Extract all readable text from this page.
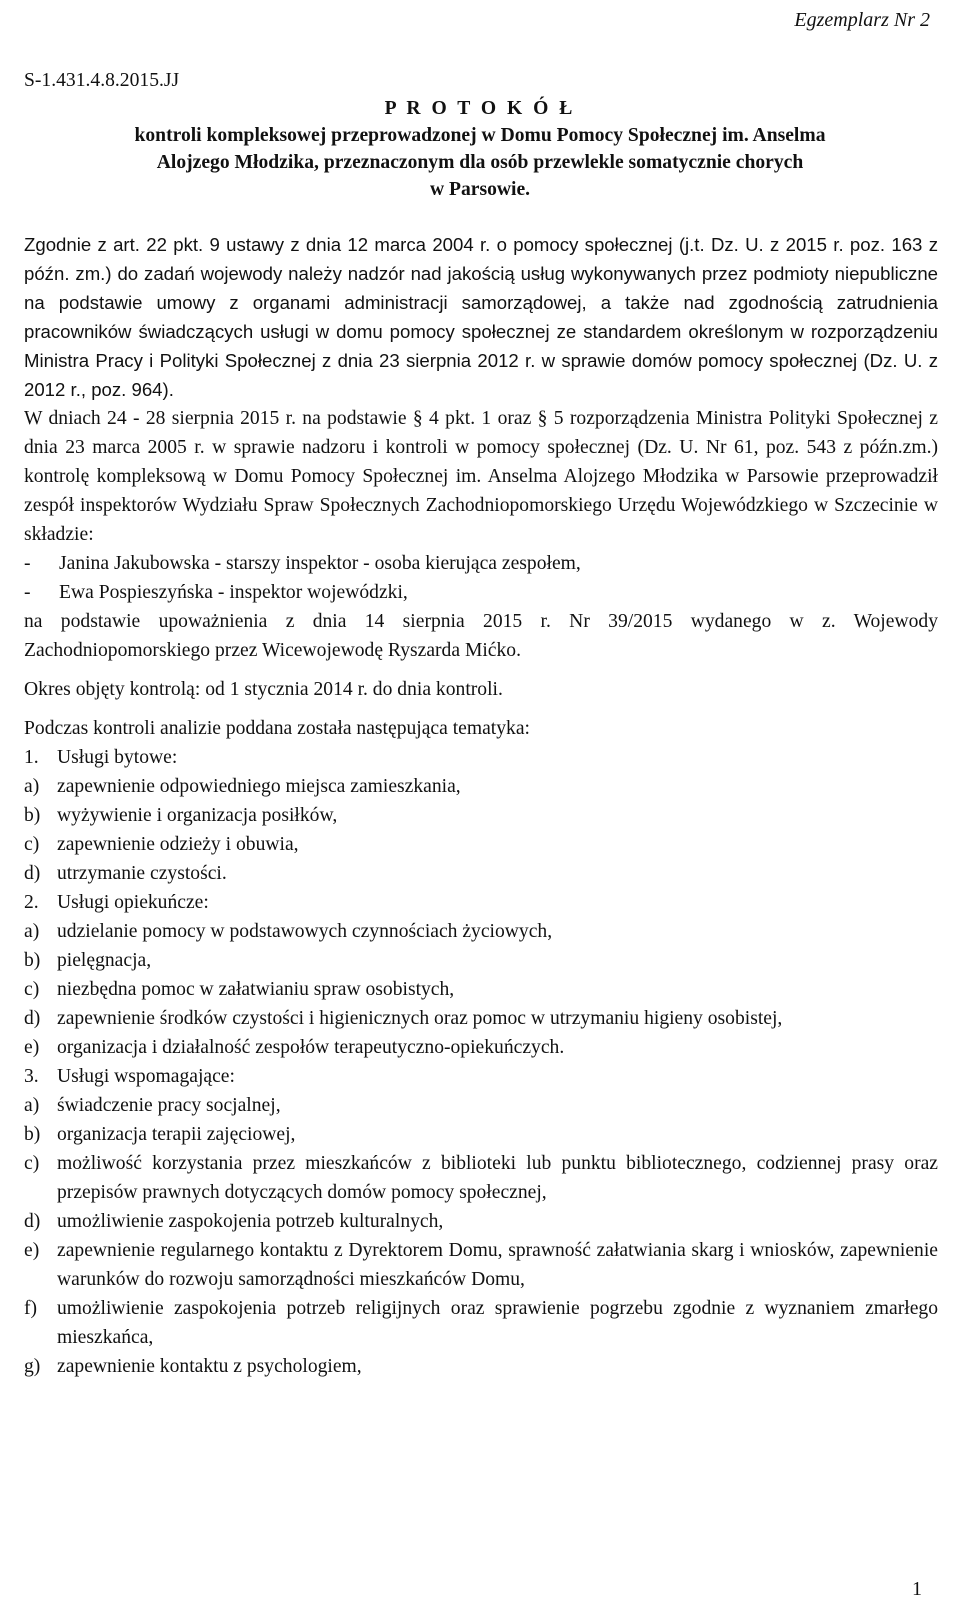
Egzemplarz Nr 2
S-1.431.4.8.2015.JJ
P R O T O K Ó Ł
kontroli kompleksowej przeprowadzonej w Domu Pomocy Społecznej im. Anselma
Alojzego Młodzika, przeznaczonym dla osób przewlekle somatycznie chorych
w Parsowie.

Zgodnie z art. 22 pkt. 9 ustawy z dnia 12 marca 2004 r. o pomocy społecznej (j.t. Dz. U. z 2015 r. poz. 163 z późn. zm.) do zadań wojewody należy nadzór nad jakością usług wykonywanych przez podmioty niepubliczne na podstawie umowy z organami administracji samorządowej, a także nad zgodnością zatrudnienia pracowników świadczących usługi w domu pomocy społecznej ze standardem określonym w rozporządzeniu Ministra Pracy i Polityki Społecznej z dnia 23 sierpnia 2012 r. w sprawie domów pomocy społecznej (Dz. U. z 2012 r., poz. 964).

W dniach 24 - 28 sierpnia 2015 r. na podstawie § 4 pkt. 1 oraz § 5 rozporządzenia Ministra Polityki Społecznej z dnia 23 marca 2005 r. w sprawie nadzoru i kontroli w pomocy społecznej (Dz. U. Nr 61, poz. 543 z późn.zm.) kontrolę kompleksową w Domu Pomocy Społecznej im. Anselma Alojzego Młodzika w Parsowie przeprowadził zespół inspektorów Wydziału Spraw Społecznych Zachodniopomorskiego Urzędu Wojewódzkiego w Szczecinie w składzie:

-	Janina Jakubowska - starszy inspektor - osoba kierująca zespołem,
-	Ewa Pospieszyńska - inspektor wojewódzki,

na podstawie upoważnienia z dnia 14 sierpnia 2015 r. Nr 39/2015 wydanego w z. Wojewody Zachodniopomorskiego przez Wicewojewodę Ryszarda Mićko.

Okres objęty kontrolą: od 1 stycznia 2014 r. do dnia kontroli.

Podczas kontroli analizie poddana została następująca tematyka:

1. Usługi bytowe:
a) zapewnienie odpowiedniego miejsca zamieszkania,
b) wyżywienie i organizacja posiłków,
c) zapewnienie odzieży i obuwia,
d) utrzymanie czystości.
2. Usługi opiekuńcze:
a) udzielanie pomocy w podstawowych czynnościach życiowych,
b) pielęgnacja,
c) niezbędna pomoc w załatwianiu spraw osobistych,
d) zapewnienie środków czystości i higienicznych oraz pomoc w utrzymaniu higieny osobistej,
e) organizacja i działalność zespołów terapeutyczno-opiekuńczych.
3. Usługi wspomagające:
a) świadczenie pracy socjalnej,
b) organizacja terapii zajęciowej,
c) możliwość korzystania przez mieszkańców z biblioteki lub punktu bibliotecznego, codziennej prasy oraz przepisów prawnych dotyczących domów pomocy społecznej,
d) umożliwienie zaspokojenia potrzeb kulturalnych,
e) zapewnienie regularnego kontaktu z Dyrektorem Domu, sprawność załatwiania skarg i wniosków, zapewnienie warunków do rozwoju samorządności mieszkańców Domu,
f)	umożliwienie zaspokojenia potrzeb religijnych oraz sprawienie pogrzebu zgodnie z wyznaniem zmarłego mieszkańca,
g) zapewnienie kontaktu z psychologiem,
1
